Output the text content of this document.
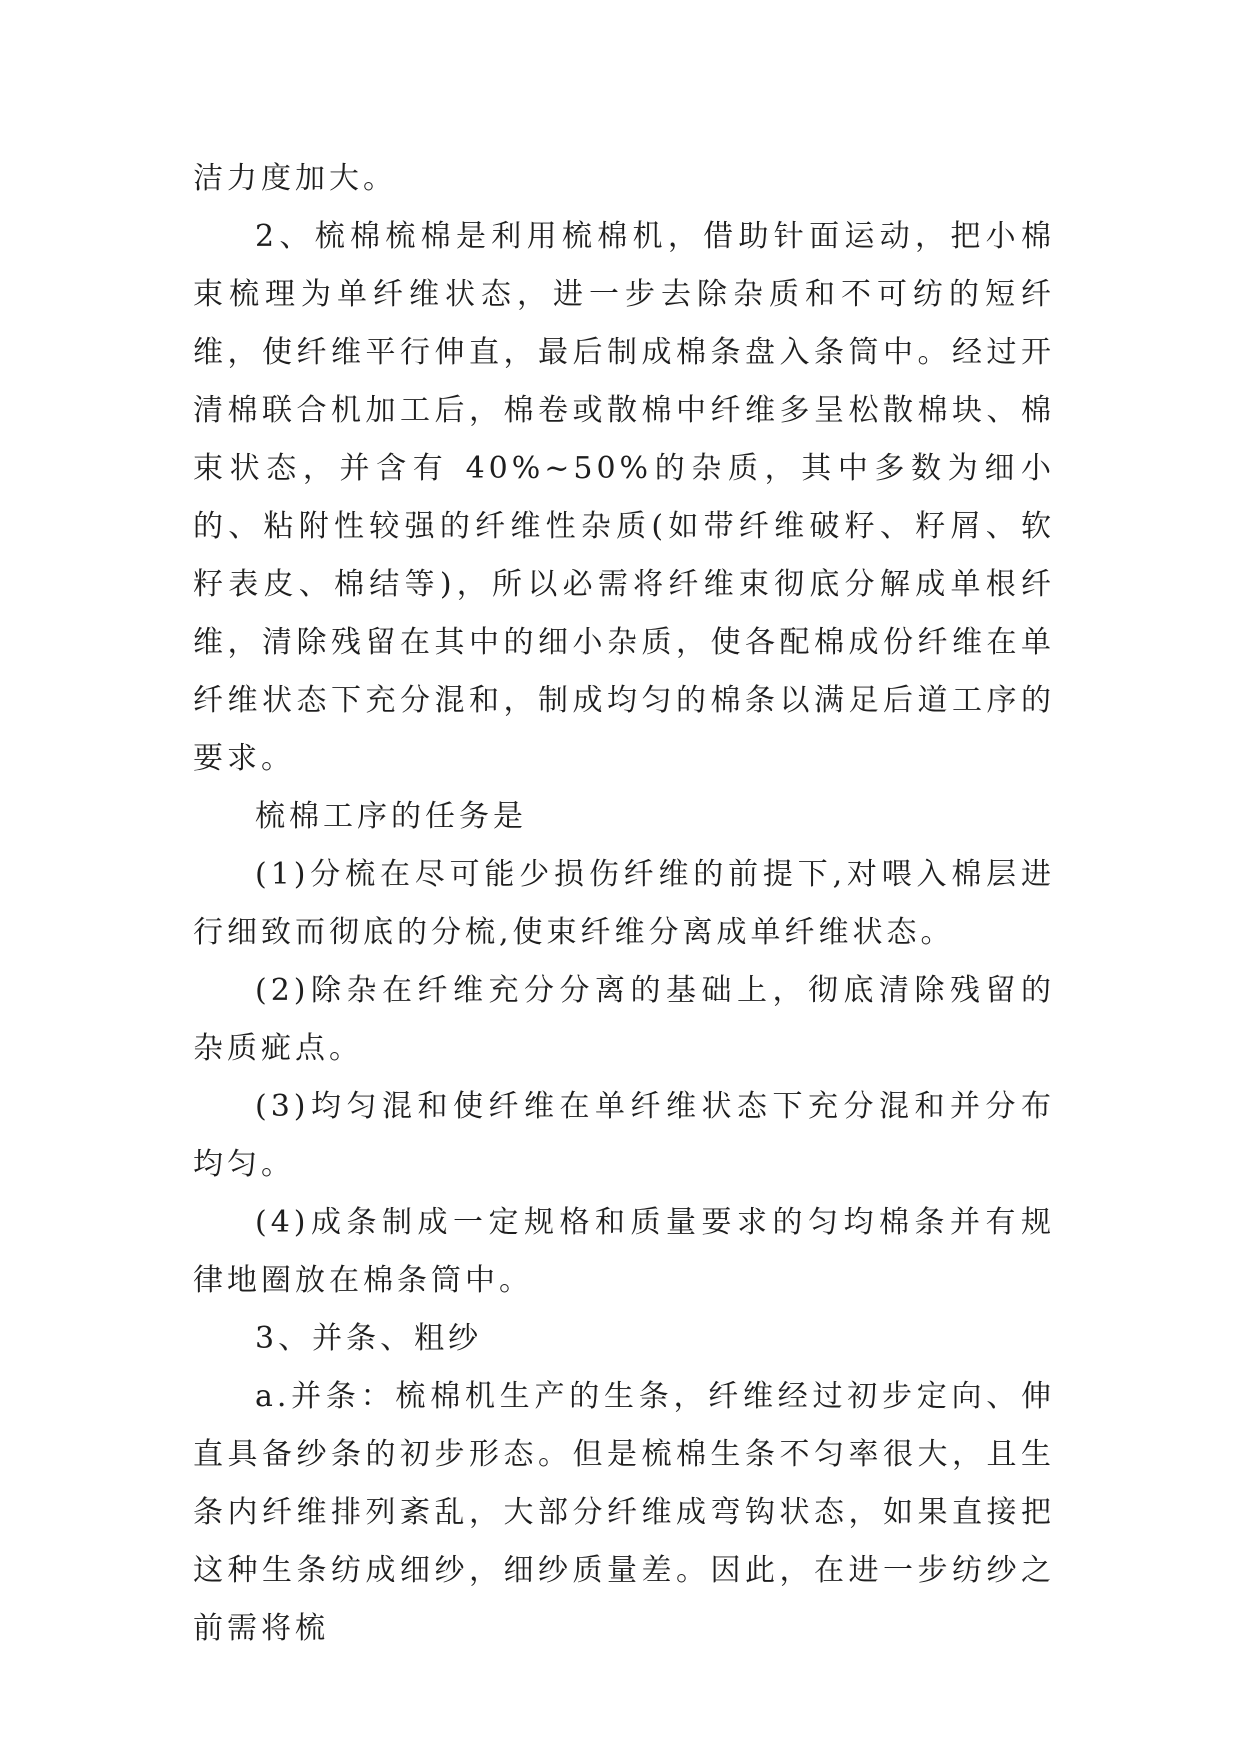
洁力度加大。

2、梳棉梳棉是利用梳棉机，借助针面运动，把小棉束梳理为单纤维状态，进一步去除杂质和不可纺的短纤维，使纤维平行伸直，最后制成棉条盘入条筒中。经过开清棉联合机加工后，棉卷或散棉中纤维多呈松散棉块、棉束状态，并含有 40%~50%的杂质，其中多数为细小的、粘附性较强的纤维性杂质(如带纤维破籽、籽屑、软籽表皮、棉结等)，所以必需将纤维束彻底分解成单根纤维，清除残留在其中的细小杂质，使各配棉成份纤维在单纤维状态下充分混和，制成均匀的棉条以满足后道工序的要求。

梳棉工序的任务是

(1)分梳在尽可能少损伤纤维的前提下,对喂入棉层进行细致而彻底的分梳,使束纤维分离成单纤维状态。

(2)除杂在纤维充分分离的基础上，彻底清除残留的杂质疵点。

(3)均匀混和使纤维在单纤维状态下充分混和并分布均匀。

(4)成条制成一定规格和质量要求的匀均棉条并有规律地圈放在棉条筒中。

3、并条、粗纱

a.并条：梳棉机生产的生条，纤维经过初步定向、伸直具备纱条的初步形态。但是梳棉生条不匀率很大，且生条内纤维排列紊乱，大部分纤维成弯钩状态，如果直接把这种生条纺成细纱，细纱质量差。因此，在进一步纺纱之前需将梳
